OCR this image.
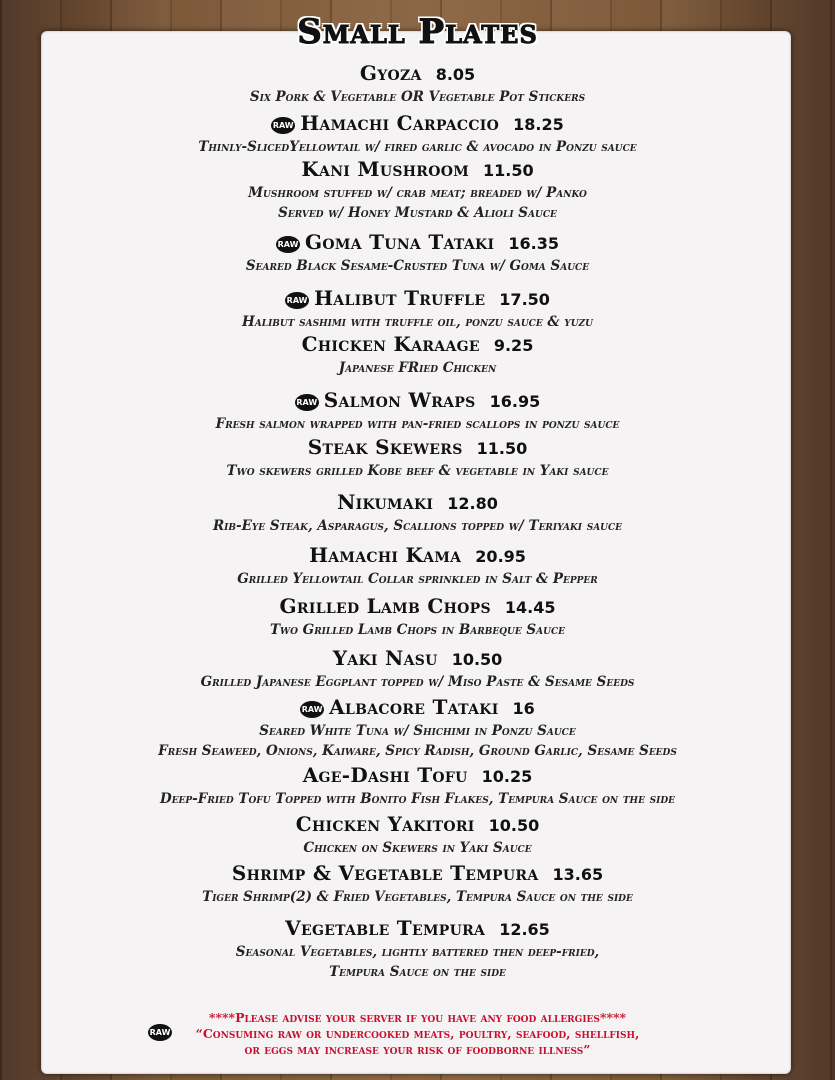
Small Plates
Gyoza 8.05
Six Pork & Vegetable OR Vegetable Pot Stickers
RAW Hamachi Carpaccio 18.25
Thinly-SlicedYellowtail w/ fired garlic & avocado in Ponzu sauce
Kani Mushroom 11.50
Mushroom stuffed w/ crab meat; breaded w/ Panko
Served w/ Honey Mustard & Alioli Sauce
RAW Goma Tuna Tataki 16.35
Seared Black Sesame-Crusted Tuna w/ Goma Sauce
RAW Halibut Truffle 17.50
Halibut sashimi with truffle oil, ponzu sauce & yuzu
Chicken Karaage 9.25
Japanese FRied Chicken
RAW Salmon Wraps 16.95
Fresh salmon wrapped with pan-fried scallops in ponzu sauce
Steak Skewers 11.50
Two skewers grilled Kobe beef & vegetable in Yaki sauce
Nikumaki 12.80
Rib-Eye Steak, Asparagus, Scallions topped w/ Teriyaki sauce
Hamachi Kama 20.95
Grilled Yellowtail Collar sprinkled in Salt & Pepper
Grilled Lamb Chops 14.45
Two Grilled Lamb Chops in Barbeque Sauce
Yaki Nasu 10.50
Grilled Japanese Eggplant topped w/ Miso Paste & Sesame Seeds
RAW Albacore Tataki 16
Seared White Tuna w/ Shichimi in Ponzu Sauce
Fresh Seaweed, Onions, Kaiware, Spicy Radish, Ground Garlic, Sesame Seeds
Age-Dashi Tofu 10.25
Deep-Fried Tofu Topped with Bonito Fish Flakes, Tempura Sauce on the side
Chicken Yakitori 10.50
Chicken on Skewers in Yaki Sauce
Shrimp & Vegetable Tempura 13.65
Tiger Shrimp(2) & Fried Vegetables, Tempura Sauce on the side
Vegetable Tempura 12.65
Seasonal Vegetables, lightly battered then deep-fried,
Tempura Sauce on the side
****Please advise your server if you have any food allergies****
RAW	“Consuming raw or undercooked meats, poultry, seafood, shellfish,
or eggs may increase your risk of foodborne illness”
